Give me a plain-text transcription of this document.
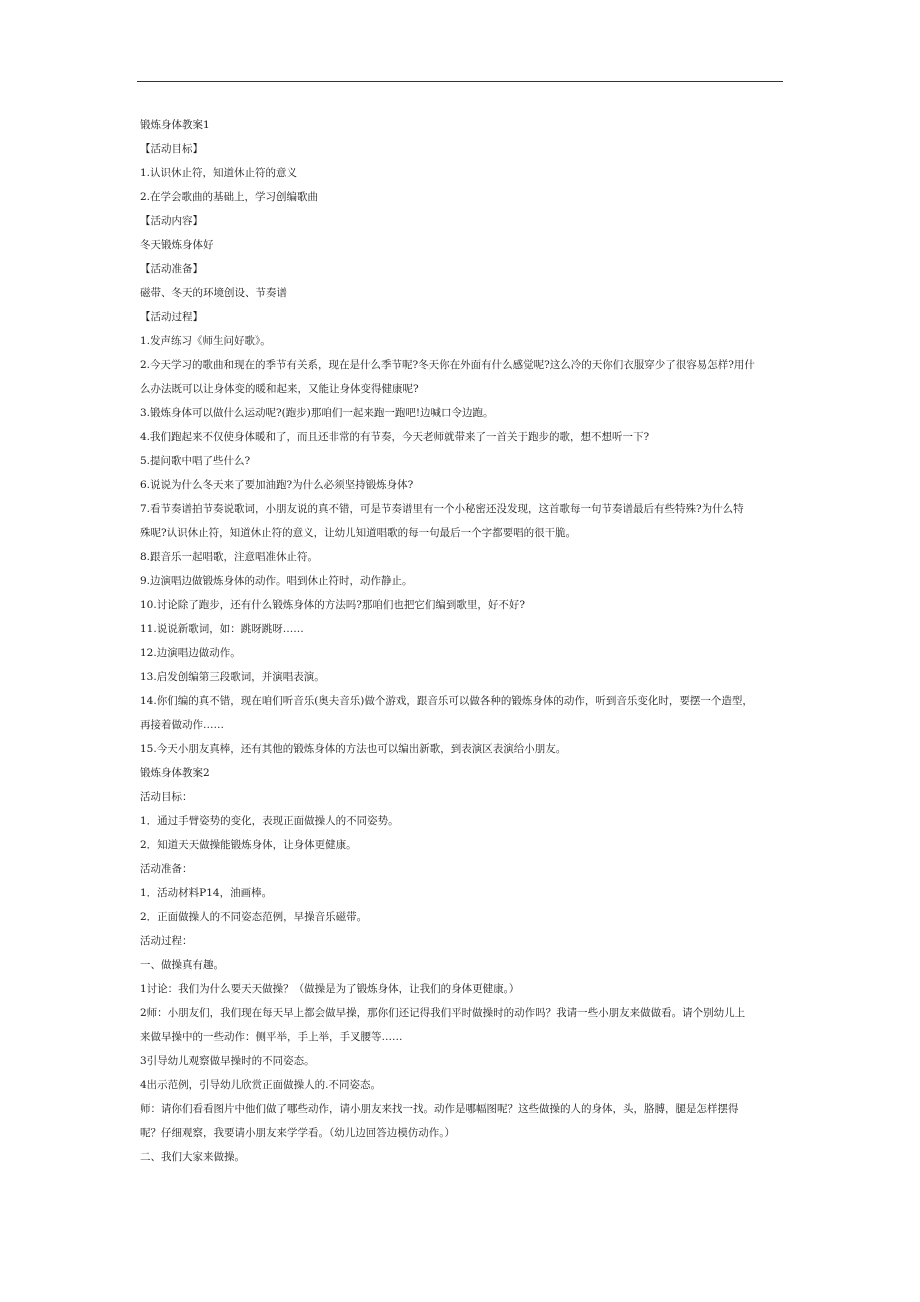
锻炼身体教案1
【活动目标】
1.认识休止符，知道休止符的意义
2.在学会歌曲的基础上，学习创编歌曲
【活动内容】
冬天锻炼身体好
【活动准备】
磁带、冬天的环境创设、节奏谱
【活动过程】
1.发声练习《师生问好歌》。
2.今天学习的歌曲和现在的季节有关系，现在是什么季节呢?冬天你在外面有什么感觉呢?这么冷的天你们衣服穿少了很容易怎样?用什
么办法既可以让身体变的暖和起来，又能让身体变得健康呢?
3.锻炼身体可以做什么运动呢?(跑步)那咱们一起来跑一跑吧!边喊口令边跑。
4.我们跑起来不仅使身体暖和了，而且还非常的有节奏，今天老师就带来了一首关于跑步的歌，想不想听一下?
5.提问歌中唱了些什么?
6.说说为什么冬天来了要加油跑?为什么必须坚持锻炼身体?
7.看节奏谱拍节奏说歌词，小朋友说的真不错，可是节奏谱里有一个小秘密还没发现，这首歌每一句节奏谱最后有些特殊?为什么特
殊呢?认识休止符，知道休止符的意义，让幼儿知道唱歌的每一句最后一个字都要唱的很干脆。
8.跟音乐一起唱歌，注意唱准休止符。
9.边演唱边做锻炼身体的动作。唱到休止符时，动作静止。
10.讨论除了跑步，还有什么锻炼身体的方法吗?那咱们也把它们编到歌里，好不好?
11.说说新歌词，如：跳呀跳呀……
12.边演唱边做动作。
13.启发创编第三段歌词，并演唱表演。
14.你们编的真不错，现在咱们听音乐(奥夫音乐)做个游戏，跟音乐可以做各种的锻炼身体的动作，听到音乐变化时，要摆一个造型，
再接着做动作……
15.今天小朋友真棒，还有其他的锻炼身体的方法也可以编出新歌，到表演区表演给小朋友。
锻炼身体教案2
活动目标：
1．通过手臂姿势的变化，表现正面做操人的不同姿势。
2．知道天天做操能锻炼身体，让身体更健康。
活动准备：
1．活动材料P14，油画棒。
2．正面做操人的不同姿态范例，早操音乐磁带。
活动过程：
一、做操真有趣。
1讨论：我们为什么要天天做操？（做操是为了锻炼身体，让我们的身体更健康。）
2师：小朋友们，我们现在每天早上都会做早操，那你们还记得我们平时做操时的动作吗？我请一些小朋友来做做看。请个别幼儿上
来做早操中的一些动作：侧平举，手上举，手叉腰等……
3引导幼儿观察做早操时的不同姿态。
4出示范例，引导幼儿欣赏正面做操人的.不同姿态。
师：请你们看看图片中他们做了哪些动作，请小朋友来找一找。动作是哪幅图呢？这些做操的人的身体，头，胳膊，腿是怎样摆得
呢？仔细观察，我要请小朋友来学学看。（幼儿边回答边模仿动作。）
二、我们大家来做操。
